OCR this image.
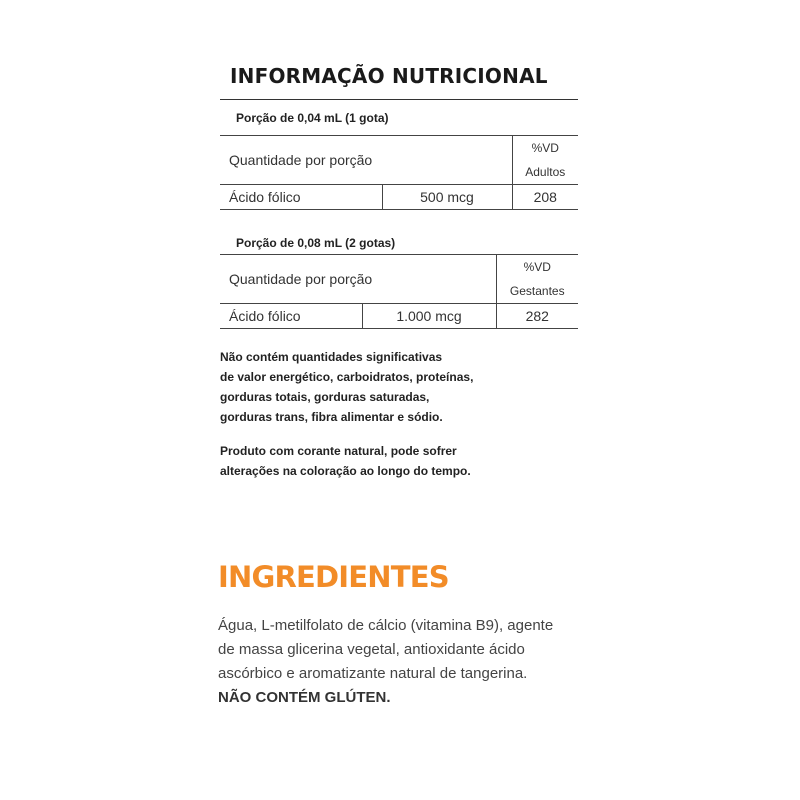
INFORMAÇÃO NUTRICIONAL
Porção de 0,04 mL (1 gota)
Quantidade por porção		%VD
Adultos

Ácido fólico	500 mcg	208
Porção de 0,08 mL (2 gotas)
Quantidade por porção		%VD
Gestantes

Ácido fólico	1.000 mcg	282
Não contém quantidades significativas
de valor energético, carboidratos, proteínas,
gorduras totais, gorduras saturadas,
gorduras trans, fibra alimentar e sódio.
Produto com corante natural, pode sofrer
alterações na coloração ao longo do tempo.
INGREDIENTES
Água, L-metilfolato de cálcio (vitamina B9), agente
de massa glicerina vegetal, antioxidante ácido
ascórbico e aromatizante natural de tangerina.
NÃO CONTÉM GLÚTEN.
